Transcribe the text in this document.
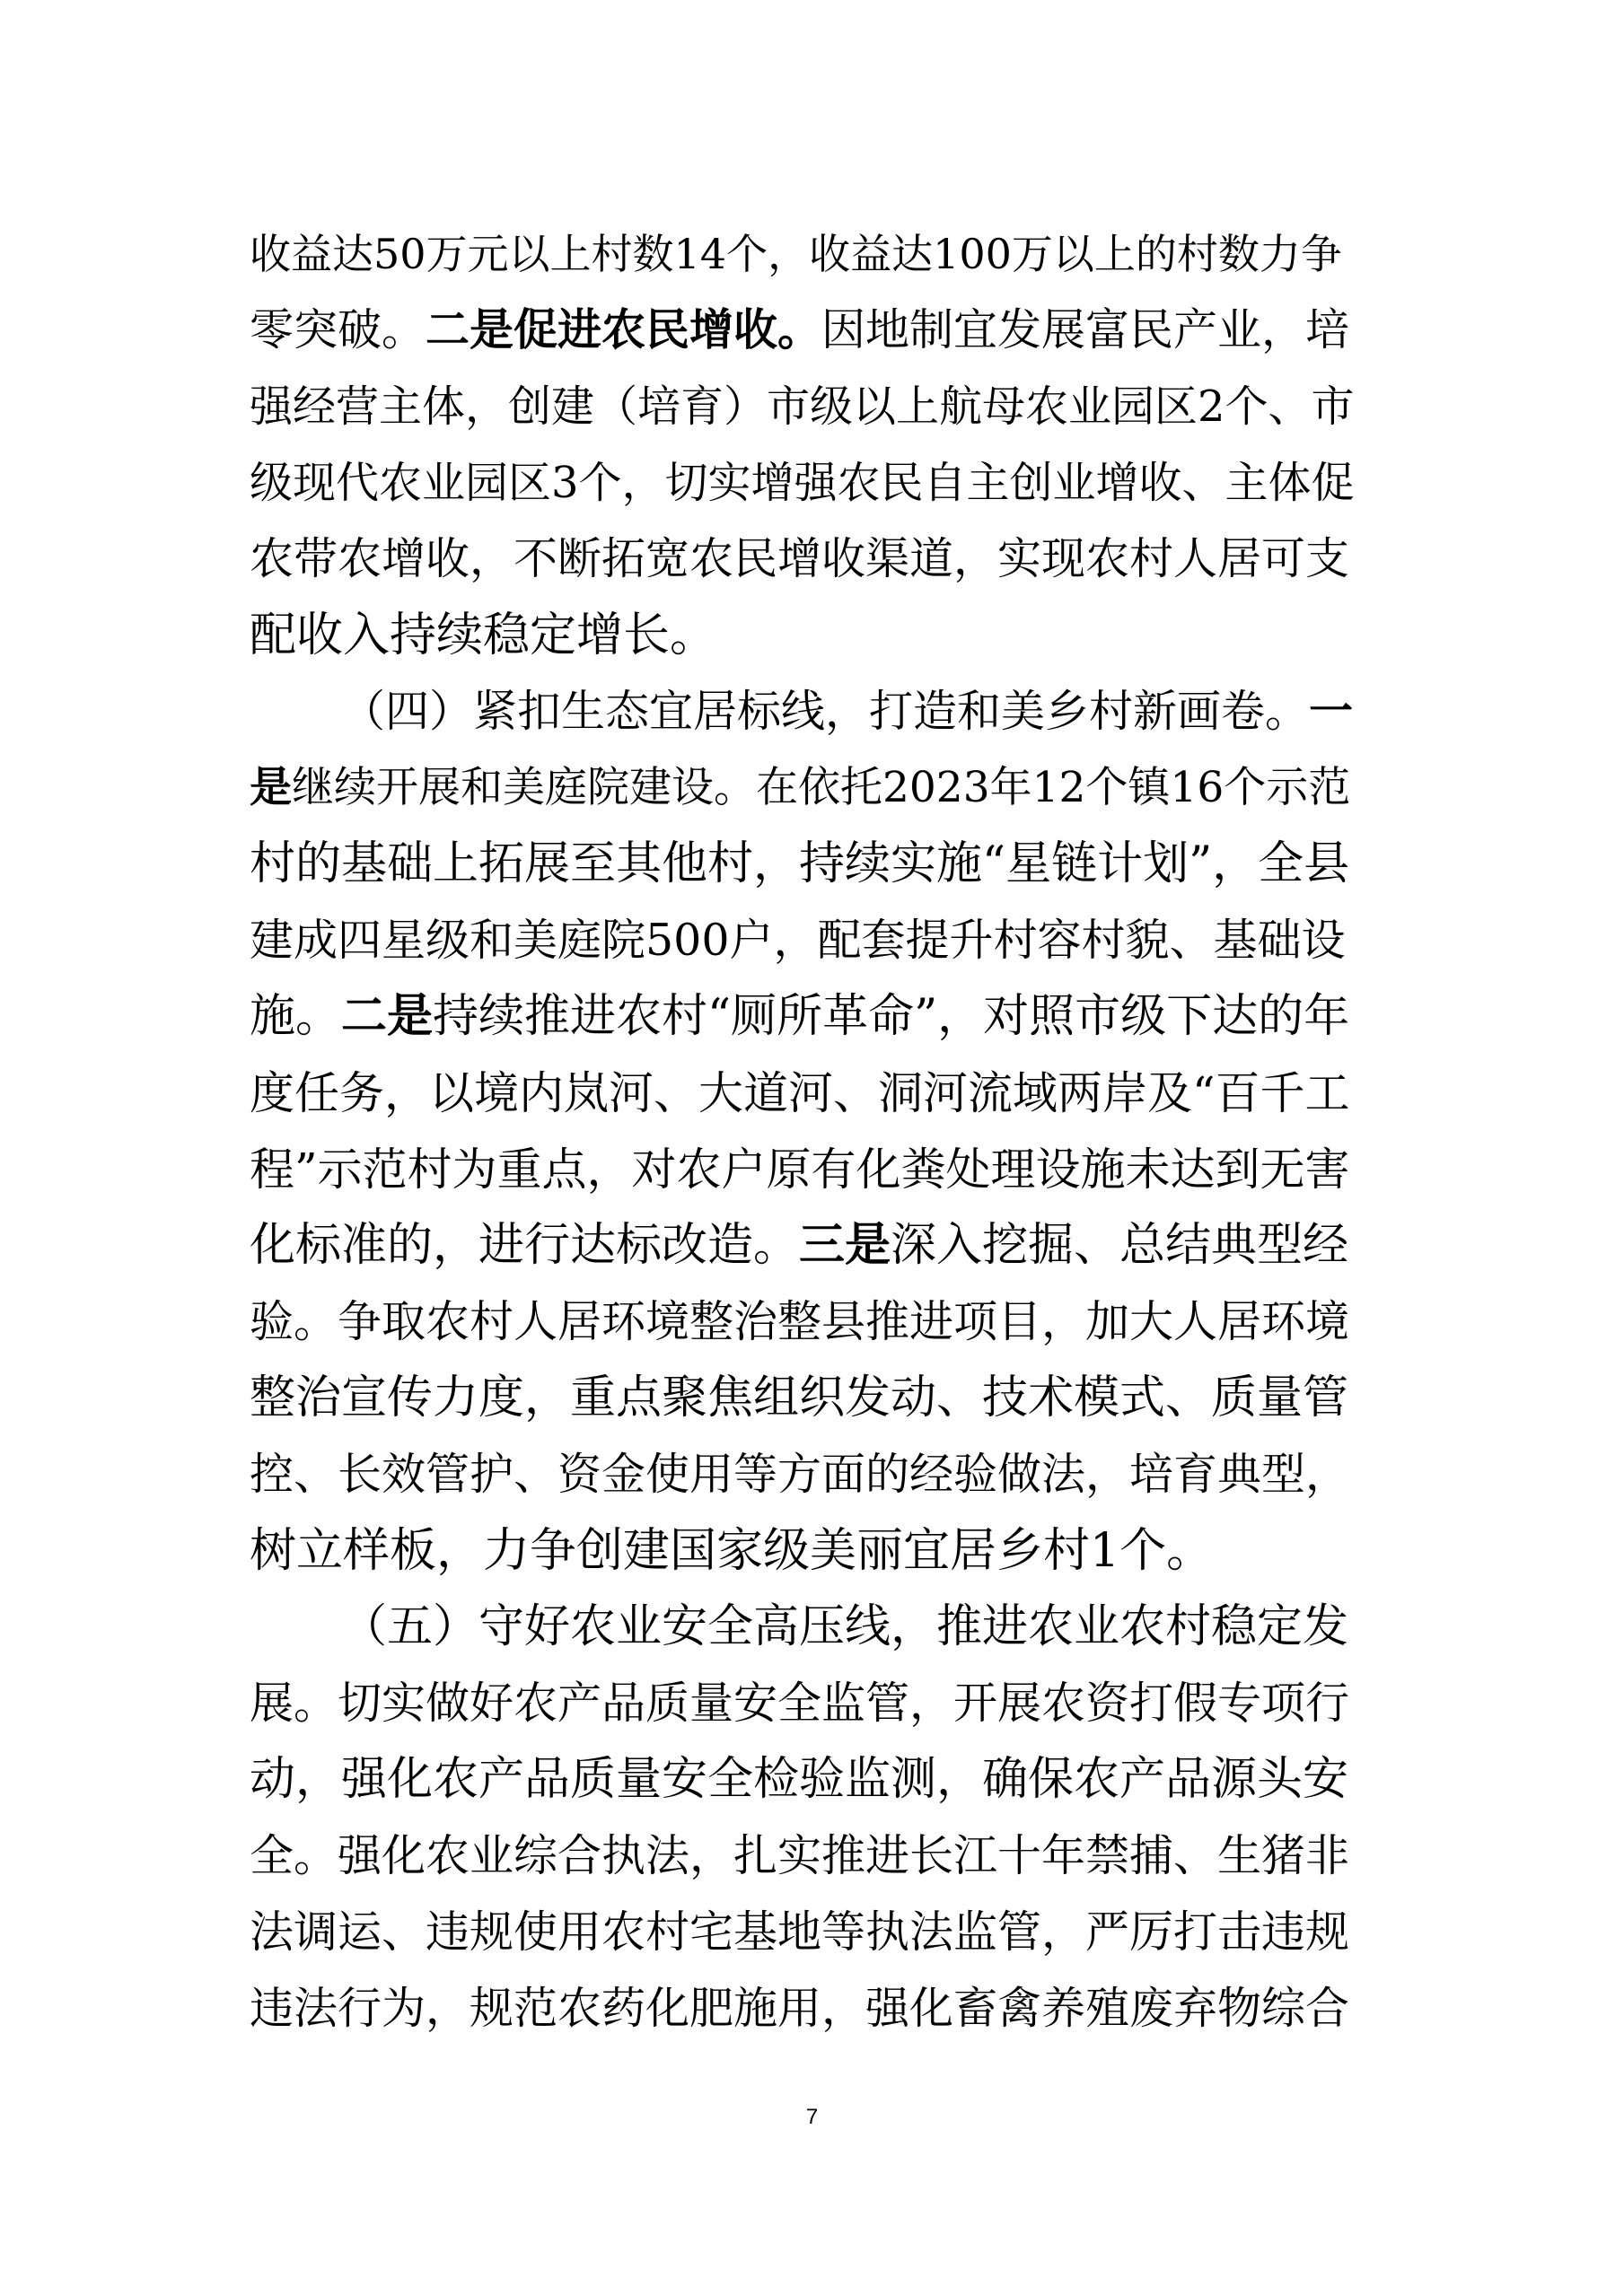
收益达50万元以上村数14个，收益达100万以上的村数力争
零突破。二是促进农民增收。因地制宜发展富民产业，培
强经营主体，创建（培育）市级以上航母农业园区2个、市
级现代农业园区3个，切实增强农民自主创业增收、主体促
农带农增收，不断拓宽农民增收渠道，实现农村人居可支
配收入持续稳定增长。
（四）紧扣生态宜居标线，打造和美乡村新画卷。一
是继续开展和美庭院建设。在依托2023年12个镇16个示范
村的基础上拓展至其他村，持续实施“星链计划”，全县
建成四星级和美庭院500户，配套提升村容村貌、基础设
施。二是持续推进农村“厕所革命”，对照市级下达的年
度任务，以境内岚河、大道河、洞河流域两岸及“百千工
程”示范村为重点，对农户原有化粪处理设施未达到无害
化标准的，进行达标改造。三是深入挖掘、总结典型经
验。争取农村人居环境整治整县推进项目，加大人居环境
整治宣传力度，重点聚焦组织发动、技术模式、质量管
控、长效管护、资金使用等方面的经验做法，培育典型，
树立样板，力争创建国家级美丽宜居乡村1个。
（五）守好农业安全高压线，推进农业农村稳定发
展。切实做好农产品质量安全监管，开展农资打假专项行
动，强化农产品质量安全检验监测，确保农产品源头安
全。强化农业综合执法，扎实推进长江十年禁捕、生猪非
法调运、违规使用农村宅基地等执法监管，严厉打击违规
违法行为，规范农药化肥施用，强化畜禽养殖废弃物综合
7
